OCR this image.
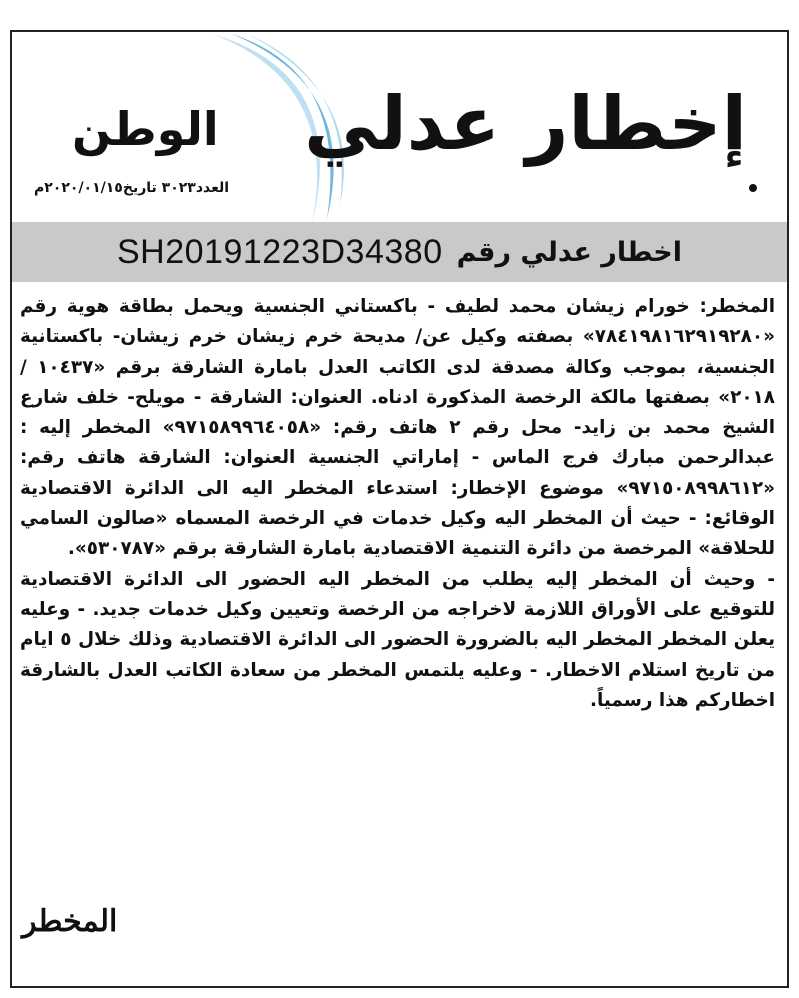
إخطار عدلي
الوطن
العدد٣٠٢٣ تاريخ٢٠٢٠/٠١/١٥م
اخطار عدلي رقم
SH20191223D34380

المخطر: خورام زيشان محمد لطيف - باكستاني الجنسية ويحمل بطاقة هوية رقم «٧٨٤١٩٨١٦٢٩١٩٢٨٠» بصفته وكيل عن/ مديحة خرم زيشان خرم زيشان- باكستانية الجنسية، بموجب وكالة مصدقة لدى الكاتب العدل بامارة الشارقة برقم «١٠٤٣٧ / ٢٠١٨» بصفتها مالكة الرخصة المذكورة ادناه. العنوان: الشارقة - مويلح- خلف شارع الشيخ محمد بن زايد- محل رقم ٢ هاتف رقم: «٩٧١٥٨٩٩٦٤٠٥٨» المخطر إليه : عبدالرحمن مبارك فرج الماس - إماراتي الجنسية العنوان: الشارقة هاتف رقم: «٩٧١٥٠٨٩٩٨٦١٢» موضوع الإخطار: استدعاء المخطر اليه الى الدائرة الاقتصادية الوقائع: - حيث أن المخطر اليه وكيل خدمات في الرخصة المسماه «صالون السامي للحلاقة» المرخصة من دائرة التنمية الاقتصادية بامارة الشارقة برقم «٥٣٠٧٨٧».

- وحيث أن المخطر إليه يطلب من المخطر اليه الحضور الى الدائرة الاقتصادية للتوقيع على الأوراق اللازمة لاخراجه من الرخصة وتعيين وكيل خدمات جديد. - وعليه يعلن المخطر المخطر اليه بالضرورة الحضور الى الدائرة الاقتصادية وذلك خلال ٥ ايام من تاريخ استلام الاخطار. - وعليه يلتمس المخطر من سعادة الكاتب العدل بالشارقة اخطاركم هذا رسمياً.

المخطر
